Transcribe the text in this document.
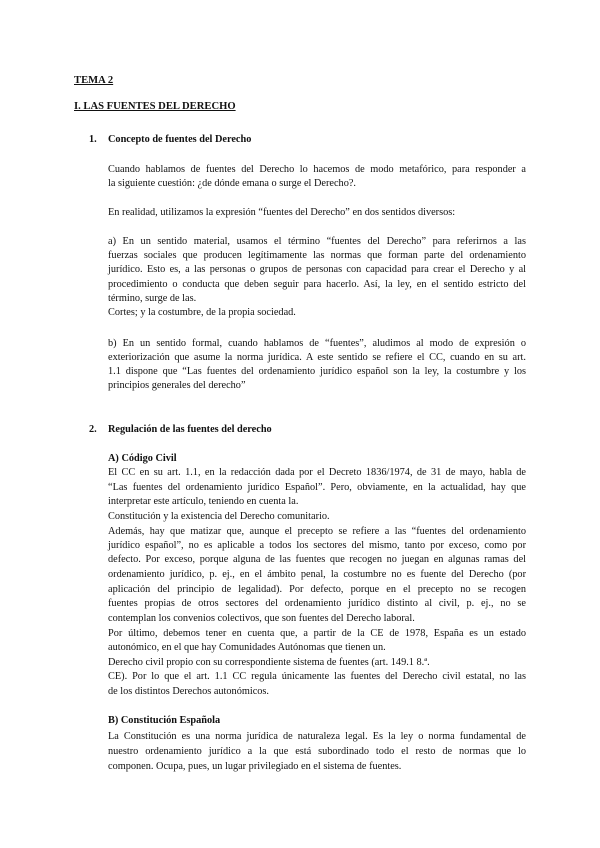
TEMA 2
I. LAS FUENTES DEL DERECHO
1. Concepto de fuentes del Derecho
Cuando hablamos de fuentes del Derecho lo hacemos de modo metafórico, para responder a
la siguiente cuestión: ¿de dónde emana o surge el Derecho?.
En realidad, utilizamos la expresión “fuentes del Derecho” en dos sentidos diversos:
a) En un sentido material, usamos el término “fuentes del Derecho” para referirnos a las
fuerzas sociales que producen legítimamente las normas que forman parte del ordenamiento
jurídico. Esto es, a las personas o grupos de personas con capacidad para crear el Derecho y al
procedimiento o conducta que deben seguir para hacerlo. Así, la ley, en el sentido estricto del
término, surge de las.
Cortes; y la costumbre, de la propia sociedad.
b) En un sentido formal, cuando hablamos de “fuentes”, aludimos al modo de expresión o
exteriorización que asume la norma jurídica. A este sentido se refiere el CC, cuando en su art.
1.1 dispone que “Las fuentes del ordenamiento jurídico español son la ley, la costumbre y los
principios generales del derecho”
2. Regulación de las fuentes del derecho
A) Código Civil
El CC en su art. 1.1, en la redacción dada por el Decreto 1836/1974, de 31 de mayo, habla de
“Las fuentes del ordenamiento jurídico Español”. Pero, obviamente, en la actualidad, hay que
interpretar este artículo, teniendo en cuenta la.
Constitución y la existencia del Derecho comunitario.
Además, hay que matizar que, aunque el precepto se refiere a las “fuentes del ordenamiento
jurídico español”, no es aplicable a todos los sectores del mismo, tanto por exceso, como por
defecto. Por exceso, porque alguna de las fuentes que recogen no juegan en algunas ramas del
ordenamiento jurídico, p. ej., en el ámbito penal, la costumbre no es fuente del Derecho (por
aplicación del principio de legalidad). Por defecto, porque en el precepto no se recogen
fuentes propias de otros sectores del ordenamiento jurídico distinto al civil, p. ej., no se
contemplan los convenios colectivos, que son fuentes del Derecho laboral.
Por último, debemos tener en cuenta que, a partir de la CE de 1978, España es un estado
autonómico, en el que hay Comunidades Autónomas que tienen un.
Derecho civil propio con su correspondiente sistema de fuentes (art. 149.1 8.ª.
CE). Por lo que el art. 1.1 CC regula únicamente las fuentes del Derecho civil estatal, no las
de los distintos Derechos autonómicos.
B) Constitución Española
La Constitución es una norma jurídica de naturaleza legal. Es la ley o norma fundamental de
nuestro ordenamiento jurídico a la que está subordinado todo el resto de normas que lo
componen. Ocupa, pues, un lugar privilegiado en el sistema de fuentes.
